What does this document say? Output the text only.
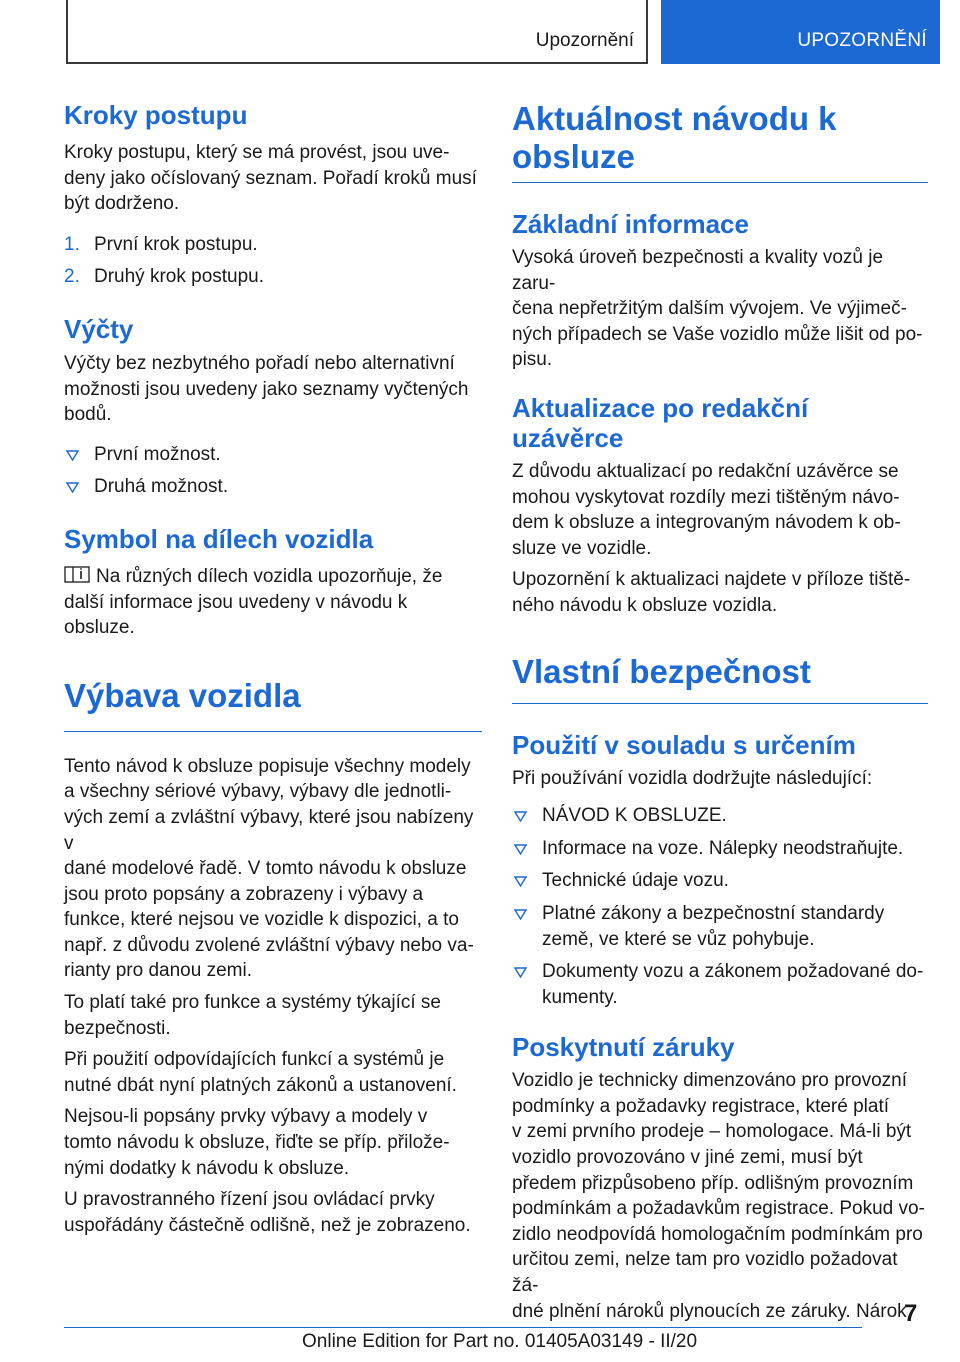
Upozornění	UPOZORNĚNÍ
Kroky postupu

Kroky postupu, který se má provést, jsou uve-

deny jako očíslovaný seznam. Pořadí kroků musí

být dodrženo.

1. První krok postupu.
2. Druhý krok postupu.
Výčty

Výčty bez nezbytného pořadí nebo alternativní

možnosti jsou uvedeny jako seznamy vyčtených

bodů.

První možnost.
Druhá možnost.
Symbol na dílech vozidla

Na různých dílech vozidla upozorňuje, že

další informace jsou uvedeny v návodu k obsluze.

Výbava vozidla

Tento návod k obsluze popisuje všechny modely

a všechny sériové výbavy, výbavy dle jednotli-

vých zemí a zvláštní výbavy, které jsou nabízeny v

dané modelové řadě. V tomto návodu k obsluze

jsou proto popsány a zobrazeny i výbavy a

funkce, které nejsou ve vozidle k dispozici, a to

např. z důvodu zvolené zvláštní výbavy nebo va-

rianty pro danou zemi.

To platí také pro funkce a systémy týkající se

bezpečnosti.

Při použití odpovídajících funkcí a systémů je

nutné dbát nyní platných zákonů a ustanovení.

Nejsou-li popsány prvky výbavy a modely v

tomto návodu k obsluze, řiďte se příp. přilože-

nými dodatky k návodu k obsluze.

U pravostranného řízení jsou ovládací prvky

uspořádány částečně odlišně, než je zobrazeno.

Aktuálnost návodu k
obsluze
Základní informace

Vysoká úroveň bezpečnosti a kvality vozů je zaru-

čena nepřetržitým dalším vývojem. Ve výjimeč-

ných případech se Vaše vozidlo může lišit od po-

pisu.

Aktualizace po redakční
uzávěrce

Z důvodu aktualizací po redakční uzávěrce se

mohou vyskytovat rozdíly mezi tištěným návo-

dem k obsluze a integrovaným návodem k ob-

sluze ve vozidle.

Upozornění k aktualizaci najdete v příloze tiště-

ného návodu k obsluze vozidla.

Vlastní bezpečnost
Použití v souladu s určením

Při používání vozidla dodržujte následující:

NÁVOD K OBSLUZE.
Informace na voze. Nálepky neodstraňujte.
Technické údaje vozu.
Platné zákony a bezpečnostní standardy
země, ve které se vůz pohybuje.
Dokumenty vozu a zákonem požadované do-
kumenty.
Poskytnutí záruky

Vozidlo je technicky dimenzováno pro provozní

podmínky a požadavky registrace, které platí

v zemi prvního prodeje – homologace. Má-li být

vozidlo provozováno v jiné zemi, musí být

předem přizpůsobeno příp. odlišným provozním

podmínkám a požadavkům registrace. Pokud vo-

zidlo neodpovídá homologačním podmínkám pro

určitou zemi, nelze tam pro vozidlo požadovat žá-

dné plnění nároků plynoucích ze záruky. Nárok

7
Online Edition for Part no. 01405A03149 - II/20
